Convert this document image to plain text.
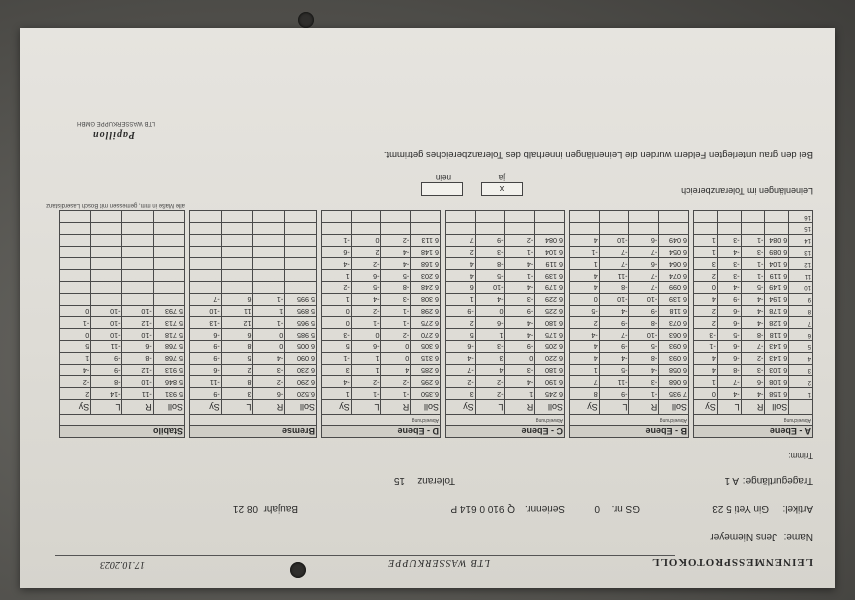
LEINENMESSPROTOKOLL
LTB WASSERKUPPE
17.10.2023
Name:
Jens Niemeyer
Artikel:
Gin Yeti 5 23
GS nr.
0
Seriennr.
Q 910 0 614 P
Baujahr
08 21
Tragegurtlänge:
A 1
Toleranz
15
Trimm:
A - Ebene				
Abweichung				
	Soll	R	L	Sy
1	6 158	-4	-4	0
2	6 108	-6	-7	1
3	6 103	-3	-8	4
4	6 143	-2	-6	4
5	6 143	-7	-6	-1
6	6 118	-8	-5	-3
7	6 128	-4	-6	2
8	6 178	-4	-6	2
9	6 194	-4	-9	4
10	6 149	-5	-4	0
11	6 119	-1	-3	2
12	6 104	-1	-3	3
13	6 089	-3	-4	1
14	6 084	-1	-3	1
15				
16				
B - Ebene			
Abweichung			
Soll	R	L	Sy
7 935	-1	-9	8
6 068	-3	-11	7
6 058	-4	-5	1
6 093	-8	-4	4
6 093	-5	-9	4
6 063	-10	-7	-4
6 073	-8	-9	2
6 118	-9	-4	-5
6 139	-10	-10	0
6 099	-7	-8	4
6 074	-7	-11	4
6 064	-6	-7	1
6 054	-7	-7	-1
6 049	-6	-10	4

C - Ebene			
Abweichung			
Soll	R	L	Sy
6 245	1	-2	3
6 190	-4	-2	-2
6 180	-3	4	-7
6 220	0	3	-4
6 205	-9	-3	-6
6 175	-4	1	5
6 180	-4	-6	2
6 225	-9	0	-9
6 229	-3	-4	1
6 179	-4	-10	6
6 139	-1	-5	4
6 119	-4	-8	4
6 104	-1	-3	2
6 084	-2	-9	7

D - Ebene			
Abweichung			
Soll	R	L	Sy
6.350	-1	-1	1
6 295	-2	-2	-4
6 285	4	1	3
6 315	0	1	-1
6 305	0	-6	5
6 270	-2	0	-3
6 275	-1	-1	0
6 298	-1	-2	0
6 308	-3	-4	1
6 248	-8	-5	-2
6 203	-5	-6	1
6 168	-4	-2	-4
6 148	-4	2	-6
6 113	-2	0	-1

Bremse			

Soll	R	L	Sy
6.520	-6	3	-9
6 290	-2	8	-11
6 230	-3	2	-6
6 090	-4	5	-9
6 005	0	8	-9
5 985	0	6	-6
5 965	-1	12	-13
5 895	1	11	-10
5 995	-1	6	-7

Stabilo			

Soll	R	L	Sy
5 931	-11	-14	2
5 846	-10	-8	-2
5 913	-12	-9	-4
5 768	-8	-9	1
5 768	-6	-11	5
5 718	-10	-10	0
5 713	-12	-10	-1
5 793	-10	-10	0

alle Maße in mm, gemessen mit Bosch Laserdistanz
Leinenlängen im Toleranzbereich
x
ja
nein
Bei den grau unterlegten Feldern wurden die Leinenlängen innerhalb des Toleranzbereiches getrimmt.
Papillon
LTB WASSERKUPPE GMBH
